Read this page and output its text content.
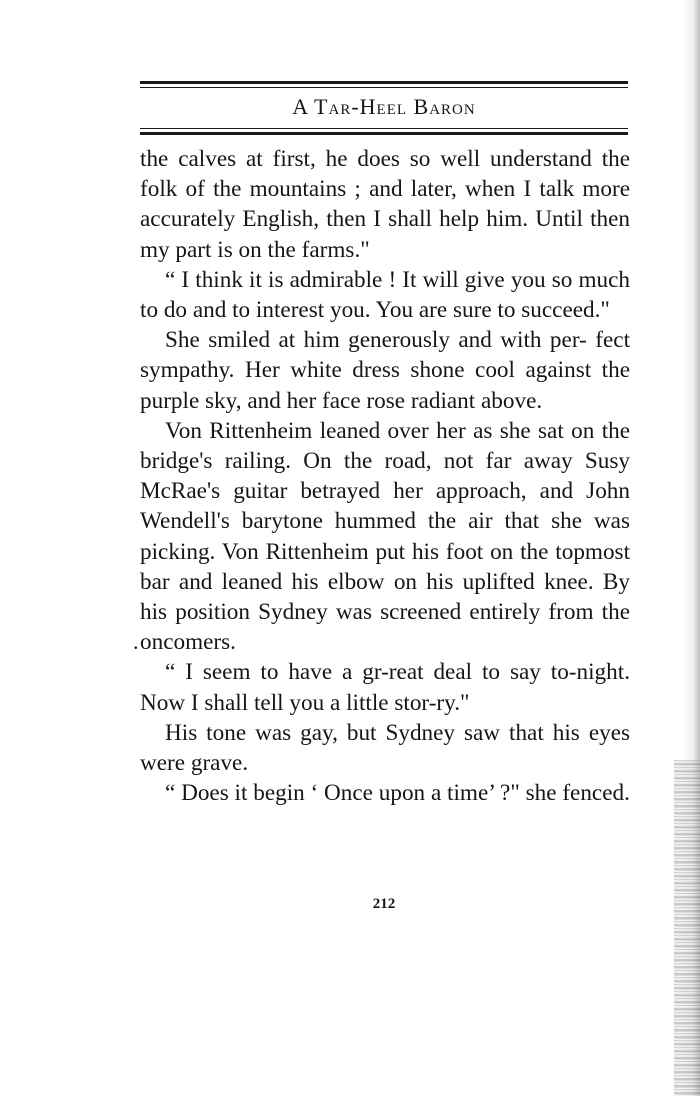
A Tar-Heel Baron

the calves at first, he does so well understand the folk of the mountains ; and later, when I talk more accurately English, then I shall help him. Until then my part is on the farms."

“ I think it is admirable ! It will give you so much to do and to interest you. You are sure to succeed."

She smiled at him generously and with per- fect sympathy. Her white dress shone cool against the purple sky, and her face rose radiant above.

Von Rittenheim leaned over her as she sat on the bridge's railing. On the road, not far away Susy McRae's guitar betrayed her approach, and John Wendell's barytone hummed the air that she was picking. Von Rittenheim put his foot on the topmost bar and leaned his elbow on his uplifted knee. By his position Sydney was screened entirely from the oncomers.

“ I seem to have a gr-reat deal to say to-night. Now I shall tell you a little stor-ry."

His tone was gay, but Sydney saw that his eyes were grave.

“ Does it begin ‘ Once upon a time’ ?" she fenced.

.
212
